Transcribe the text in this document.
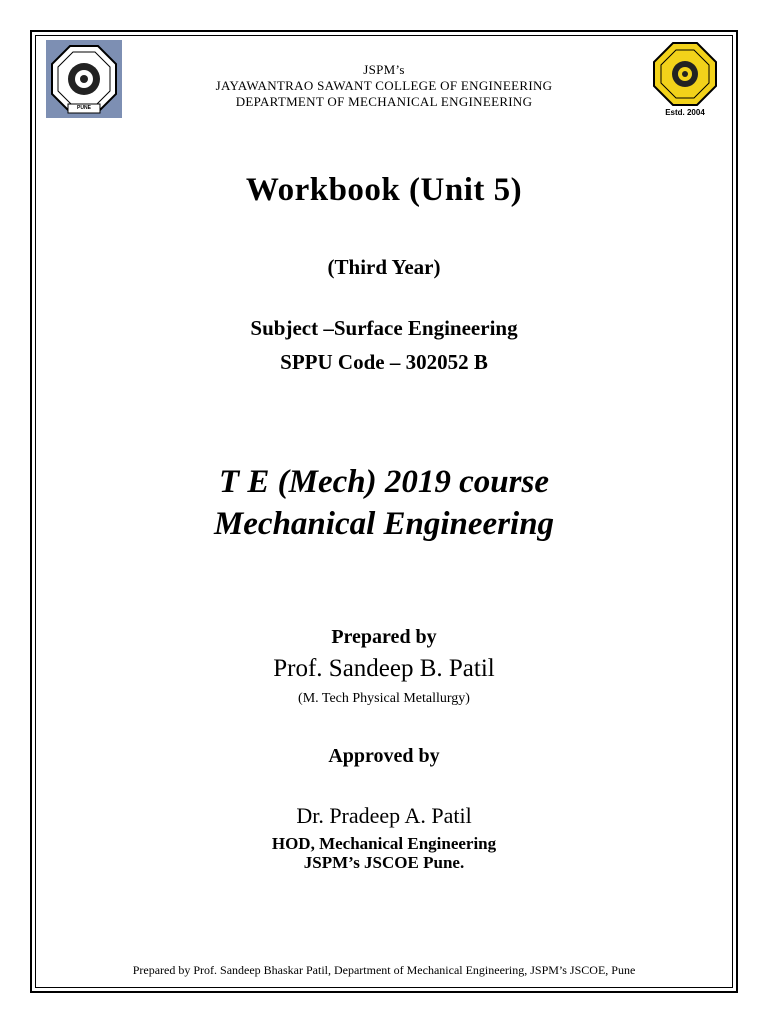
PUNE	Estd. 2004
JSPM’s
JAYAWANTRAO SAWANT COLLEGE OF ENGINEERING
DEPARTMENT OF MECHANICAL ENGINEERING
Workbook (Unit 5)
(Third Year)
Subject –Surface Engineering
SPPU Code – 302052 B
T E (Mech) 2019 course
Mechanical Engineering
Prepared by
Prof. Sandeep B. Patil
(M. Tech Physical Metallurgy)
Approved by
Dr. Pradeep A. Patil
HOD, Mechanical Engineering
JSPM’s JSCOE Pune.
Prepared by Prof. Sandeep Bhaskar Patil, Department of Mechanical Engineering, JSPM’s JSCOE, Pune
